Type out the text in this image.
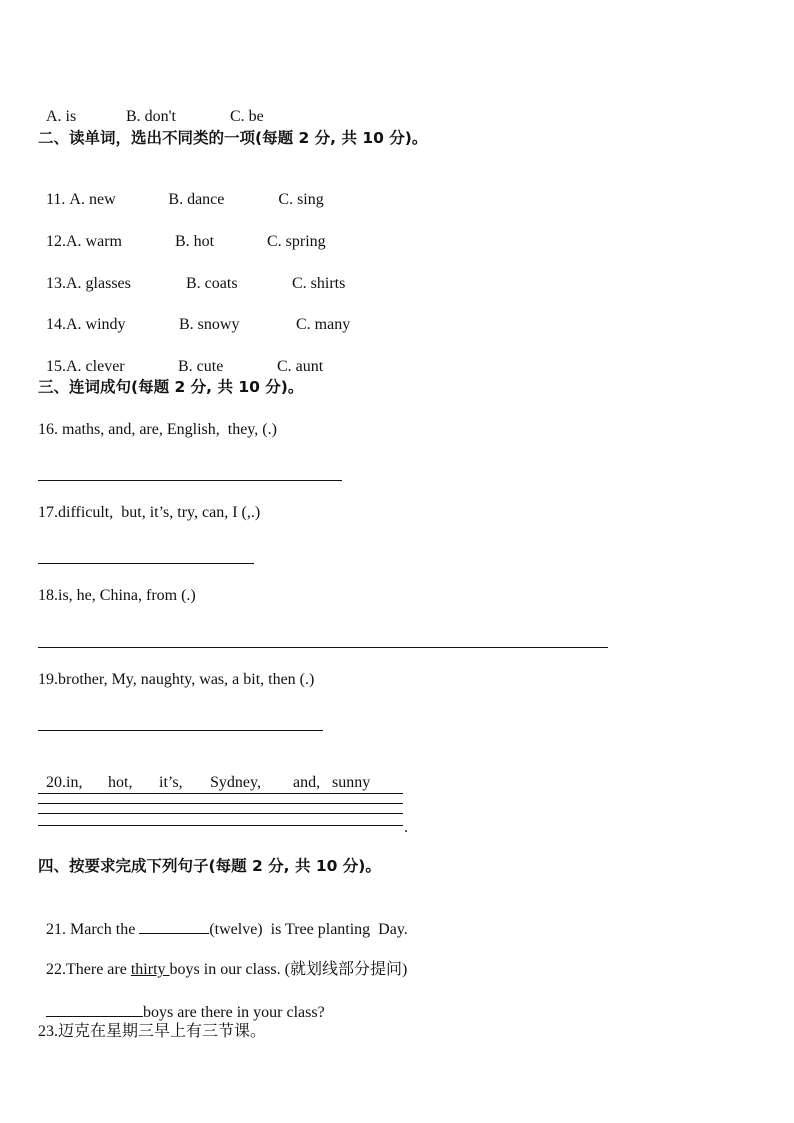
A. is	B. don't	C. be

二、读单词，选出不同类的一项(每题 2 分, 共 10 分)。

11. A. new	B. dance	C. sing

12.A. warm	B. hot	C. spring

13.A. glasses	B. coats	C. shirts

14.A. windy	B. snowy	C. many

15.A. clever	B. cute	C. aunt

三、连词成句(每题 2 分, 共 10 分)。
16. maths, and, are, English,  they, (.)
17.difficult,  but, it’s, try, can, I (,.)
18.is, he, China, from (.)
19.brother, My, naughty, was, a bit, then (.)

20.in, hot, it’s, Sydney, and, sunny

.
四、按要求完成下列句子(每题 2 分, 共 10 分)。

21. March the	(twelve)  is Tree planting  Day.

22.There are thirty boys in our class. (就划线部分提问)

boys are there in your class?

23.迈克在星期三早上有三节课。
